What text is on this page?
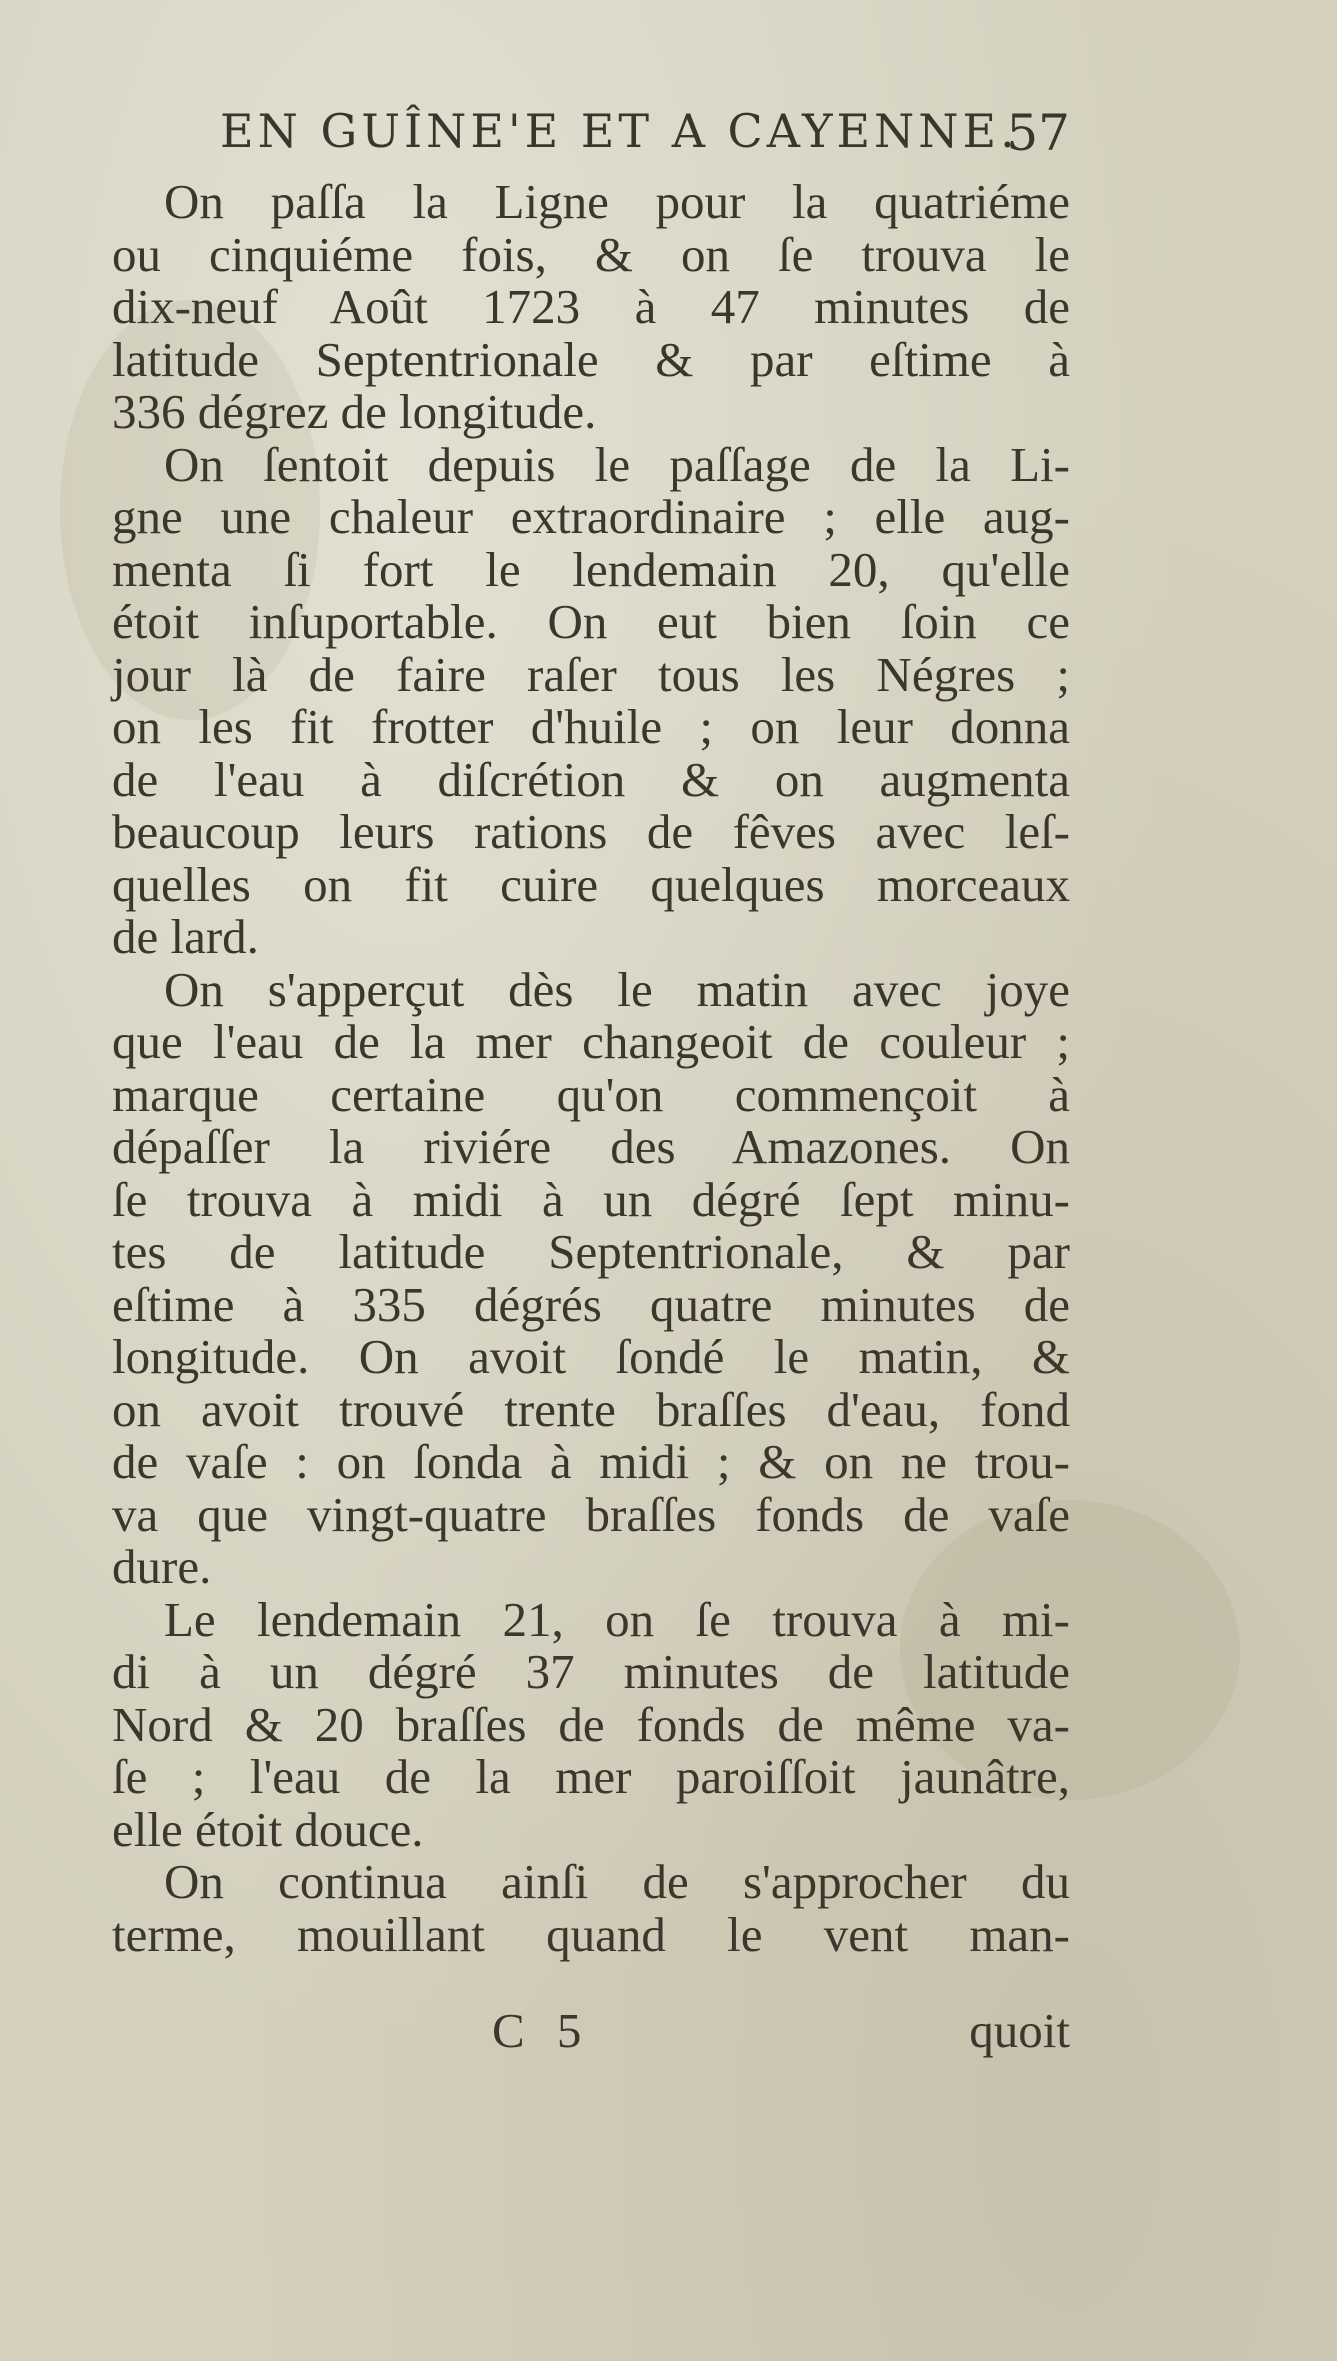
EN GUÎNE'E ET A CAYENNE.
57
On paſſa la Ligne pour la quatriéme
ou cinquiéme fois, & on ſe trouva le
dix-neuf Août 1723 à 47 minutes de
latitude Septentrionale & par eſtime à
336 dégrez de longitude.
On ſentoit depuis le paſſage de la Li-
gne une chaleur extraordinaire ; elle aug-
menta ſi fort le lendemain 20, qu'elle
étoit inſuportable. On eut bien ſoin ce
jour là de faire raſer tous les Négres ;
on les fit frotter d'huile ; on leur donna
de l'eau à diſcrétion & on augmenta
beaucoup leurs rations de fêves avec leſ-
quelles on fit cuire quelques morceaux
de lard.
On s'apperçut dès le matin avec joye
que l'eau de la mer changeoit de couleur ;
marque certaine qu'on commençoit à
dépaſſer la riviére des Amazones. On
ſe trouva à midi à un dégré ſept minu-
tes de latitude Septentrionale, & par
eſtime à 335 dégrés quatre minutes de
longitude. On avoit ſondé le matin, &
on avoit trouvé trente braſſes d'eau, fond
de vaſe : on ſonda à midi ; & on ne trou-
va que vingt-quatre braſſes fonds de vaſe
dure.
Le lendemain 21, on ſe trouva à mi-
di à un dégré 37 minutes de latitude
Nord & 20 braſſes de fonds de même va-
ſe ; l'eau de la mer paroiſſoit jaunâtre,
elle étoit douce.
On continua ainſi de s'approcher du
terme, mouillant quand le vent man-
C 5	quoit
